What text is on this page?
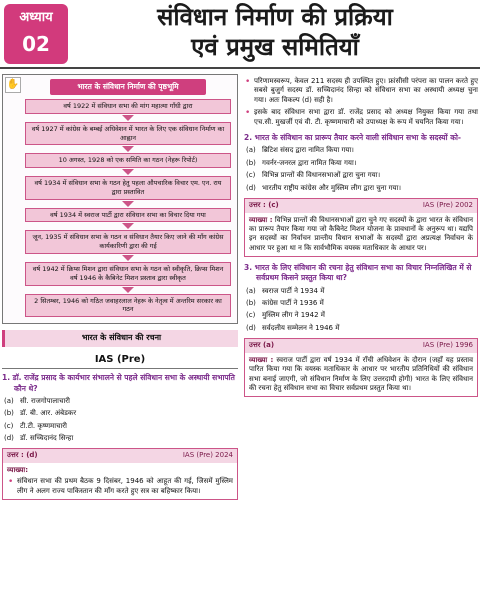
अध्याय
02
संविधान निर्माण की प्रक्रिया
एवं प्रमुख समितियाँ
✋	भारत के संविधान निर्माण की पृष्ठभूमि
वर्ष 1922 में संविधान सभा की मांग महात्मा गाँधी द्वारा
वर्ष 1927 में कांग्रेस के बम्बई अधिवेशन में भारत के लिए एक संविधान निर्माण का आह्वान
10 अगस्त, 1928 को एक समिति का गठन (नेहरू रिपोर्ट)
वर्ष 1934 में संविधान सभा के गठन हेतु पहला औपचारिक विचार एम. एन. राय द्वारा प्रस्तावित
वर्ष 1934 में स्वराज पार्टी द्वारा संविधान सभा का विचार दिया गया
जून, 1935 में संविधान सभा के गठन व संविधान तैयार किए जाने की माँग कांग्रेस कार्यकारिणी द्वारा की गई
वर्ष 1942 में क्रिप्स मिशन द्वारा संविधान सभा के गठन को स्वीकृति, क्रिप्स मिशन वर्ष 1946 के कैबिनेट मिशन प्रस्ताव द्वारा स्वीकृत
2 सितम्बर, 1946 को गठित जवाहरलाल नेहरू के नेतृत्व में अन्तरिम सरकार का गठन
भारत के संविधान की रचना
IAS (Pre)
1. डॉ. राजेंद्र प्रसाद के कार्यभार संभालने से पहले संविधान सभा के अस्थायी सभापति कौन थे?
(a) सी. राजगोपालाचारी
(b) डॉ. बी. आर. अंबेडकर
(c) टी.टी. कृष्णमाचारी
(d) डॉ. सच्चिदानंद सिन्हा
उत्तर : (d)	IAS (Pre) 2024
व्याख्या:
• संविधान सभा की प्रथम बैठक 9 दिसंबर, 1946 को आहूत की गई, जिसमें मुस्लिम लीग ने अलग राज्य पाकिस्तान की माँग करते हुए सत्र का बहिष्कार किया।
• परिणामस्वरूप, केवल 211 सदस्य ही उपस्थित हुए। फ्रांसीसी परंपरा का पालन करते हुए सबसे बुजुर्ग सदस्य डॉ. सच्चिदानंद सिन्हा को संविधान सभा का अस्थायी अध्यक्ष चुना गया। अतः विकल्प (d) सही है।
• इसके बाद संविधान सभा द्वारा डॉ. राजेंद्र प्रसाद को अध्यक्ष नियुक्त किया गया तथा एच.सी. मुखर्जी एवं वी. टी. कृष्णमाचारी को उपाध्यक्ष के रूप में चयनित किया गया।
2. भारत के संविधान का प्रारूप तैयार करने वाली संविधान सभा के सदस्यों को-
(a) ब्रिटिश संसद द्वारा नामित किया गया।
(b) गवर्नर-जनरल द्वारा नामित किया गया।
(c) विभिन्न प्रान्तों की विधानसभाओं द्वारा चुना गया।
(d) भारतीय राष्ट्रीय कांग्रेस और मुस्लिम लीग द्वारा चुना गया।
उत्तर : (c)	IAS (Pre) 2002
व्याख्या : विभिन्न प्रान्तों की विधानसभाओं द्वारा चुने गए सदस्यों के द्वारा भारत के संविधान का प्रारूप तैयार किया गया जो कैबिनेट मिशन योजना के प्रावधानों के अनुरूप था। यद्यपि इन सदस्यों का निर्वाचन प्रान्तीय विधान सभाओं के सदस्यों द्वारा अप्रत्यक्ष निर्वाचन के आधार पर हुआ था न कि सार्वभौमिक वयस्क मताधिकार के आधार पर।
3. भारत के लिए संविधान की रचना हेतु संविधान सभा का विचार निम्नलिखित में से सर्वप्रथम किसने प्रस्तुत किया था?
(a) स्वराज पार्टी ने 1934 में
(b) कांग्रेस पार्टी ने 1936 में
(c) मुस्लिम लीग ने 1942 में
(d) सर्वदलीय सम्मेलन ने 1946 में
उत्तर (a)	IAS (Pre) 1996
व्याख्या : स्वराज पार्टी द्वारा वर्ष 1934 में राँची अधिवेशन के दौरान (जहाँ यह प्रस्ताव पारित किया गया कि वयस्क मताधिकार के आधार पर भारतीय प्रतिनिधियों की संविधान सभा बनाई जाएगी, जो संविधान निर्माण के लिए उत्तरदायी होगी) भारत के लिए संविधान की रचना हेतु संविधान सभा का विचार सर्वप्रथम प्रस्तुत किया था।
